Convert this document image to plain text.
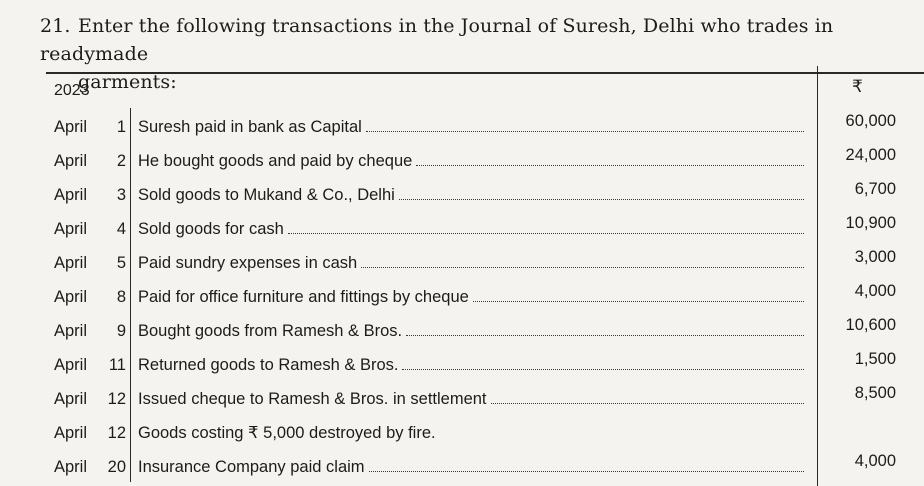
21. Enter the following transactions in the Journal of Suresh, Delhi who trades in readymade
garments:
2023	₹
April	1 Suresh paid in bank as Capital	60,000
April	2 He bought goods and paid by cheque	24,000
April	3 Sold goods to Mukand & Co., Delhi	6,700
April	4 Sold goods for cash	10,900
April	5 Paid sundry expenses in cash	3,000
April	8 Paid for office furniture and fittings by cheque	4,000
April	9 Bought goods from Ramesh & Bros.	10,600
April	11 Returned goods to Ramesh & Bros.	1,500
April	12 Issued cheque to Ramesh & Bros. in settlement	8,500
April	12 Goods costing ₹ 5,000 destroyed by fire.
April	20 Insurance Company paid claim	4,000
